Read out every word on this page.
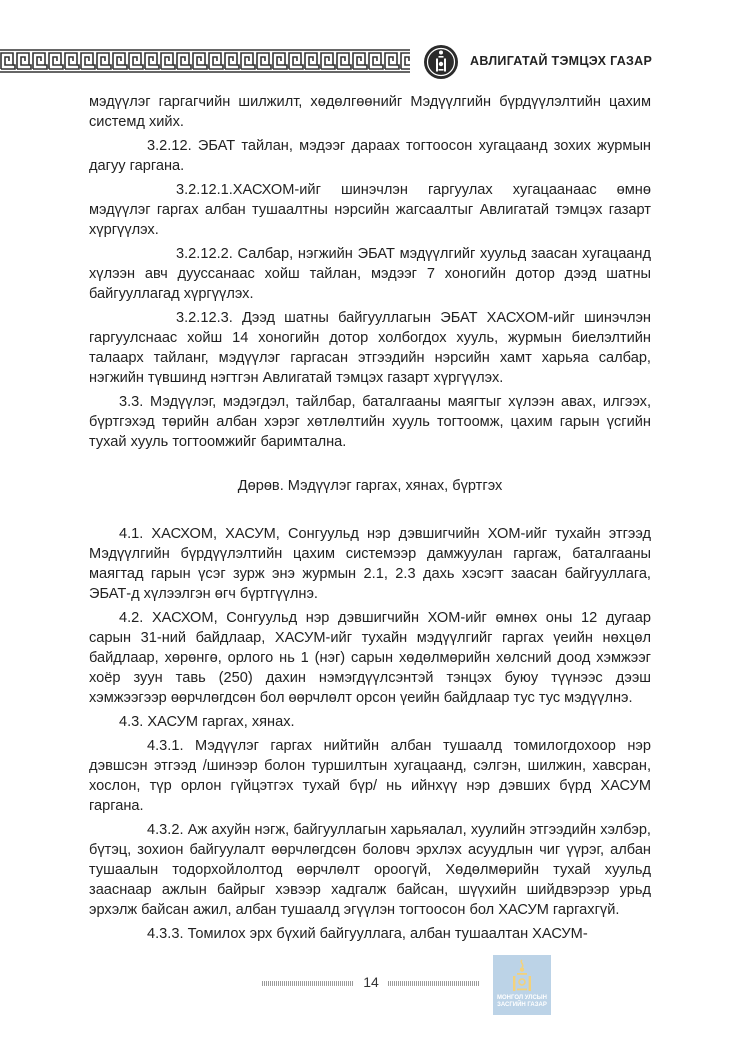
АВЛИГАТАЙ ТЭМЦЭХ ГАЗАР

мэдүүлэг гаргагчийн шилжилт, хөдөлгөөнийг Мэдүүлгийн бүрдүүлэлтийн цахим системд хийх.

3.2.12. ЭБАТ тайлан, мэдээг дараах тогтоосон хугацаанд зохих журмын дагуу гаргана.

3.2.12.1.ХАСХОМ-ийг шинэчлэн гаргуулах хугацаанаас өмнө мэдүүлэг гаргах албан тушаалтны нэрсийн жагсаалтыг Авлигатай тэмцэх газарт хүргүүлэх.

3.2.12.2. Салбар, нэгжийн ЭБАТ мэдүүлгийг хуульд заасан хугацаанд хүлээн авч дууссанаас хойш тайлан, мэдээг 7 хоногийн дотор дээд шатны байгууллагад хүргүүлэх.

3.2.12.3. Дээд шатны байгууллагын ЭБАТ ХАСХОМ-ийг шинэчлэн гаргуулснаас хойш 14 хоногийн дотор холбогдох хууль, журмын биелэлтийн талаарх тайланг, мэдүүлэг гаргасан этгээдийн нэрсийн хамт харьяа салбар, нэгжийн түвшинд нэгтгэн Авлигатай тэмцэх газарт хүргүүлэх.

3.3. Мэдүүлэг, мэдэгдэл, тайлбар, баталгааны маягтыг хүлээн авах, илгээх, бүртгэхэд төрийн албан хэрэг хөтлөлтийн хууль тогтоомж, цахим гарын үсгийн тухай хууль тогтоомжийг баримтална.

Дөрөв. Мэдүүлэг гаргах, хянах, бүртгэх

4.1. ХАСХОМ, ХАСУМ, Сонгуульд нэр дэвшигчийн ХОМ-ийг тухайн этгээд Мэдүүлгийн бүрдүүлэлтийн цахим системээр дамжуулан гаргаж, баталгааны маягтад гарын үсэг зурж энэ журмын 2.1, 2.3 дахь хэсэгт заасан байгууллага, ЭБАТ-д хүлээлгэн өгч бүртгүүлнэ.

4.2. ХАСХОМ, Сонгуульд нэр дэвшигчийн ХОМ-ийг өмнөх оны 12 дугаар сарын 31-ний байдлаар, ХАСУМ-ийг тухайн мэдүүлгийг гаргах үеийн нөхцөл байдлаар, хөрөнгө, орлого нь 1 (нэг) сарын хөдөлмөрийн хөлсний доод хэмжээг хоёр зуун тавь (250) дахин нэмэгдүүлсэнтэй тэнцэх буюу түүнээс дээш хэмжээгээр өөрчлөгдсөн бол өөрчлөлт орсон үеийн байдлаар тус тус мэдүүлнэ.

4.3. ХАСУМ гаргах, хянах.

4.3.1. Мэдүүлэг гаргах нийтийн албан тушаалд томилогдохоор нэр дэвшсэн этгээд /шинээр болон туршилтын хугацаанд, сэлгэн, шилжин, хавсран, хослон, түр орлон гүйцэтгэх тухай бүр/ нь ийнхүү нэр дэвших бүрд ХАСУМ гаргана.

4.3.2. Аж ахуйн нэгж, байгууллагын харьяалал, хуулийн этгээдийн хэлбэр, бүтэц, зохион байгуулалт өөрчлөгдсөн боловч эрхлэх асуудлын чиг үүрэг, албан тушаалын тодорхойлолтод өөрчлөлт ороогүй, Хөдөлмөрийн тухай хуульд зааснаар ажлын байрыг хэвээр хадгалж байсан, шүүхийн шийдвэрээр урьд эрхэлж байсан ажил, албан тушаалд эгүүлэн тогтоосон бол ХАСУМ гаргахгүй.

4.3.3. Томилох эрх бүхий байгууллага, албан тушаалтан ХАСУМ-

14
МОНГОЛ УЛСЫН
ЗАСГИЙН ГАЗАР
